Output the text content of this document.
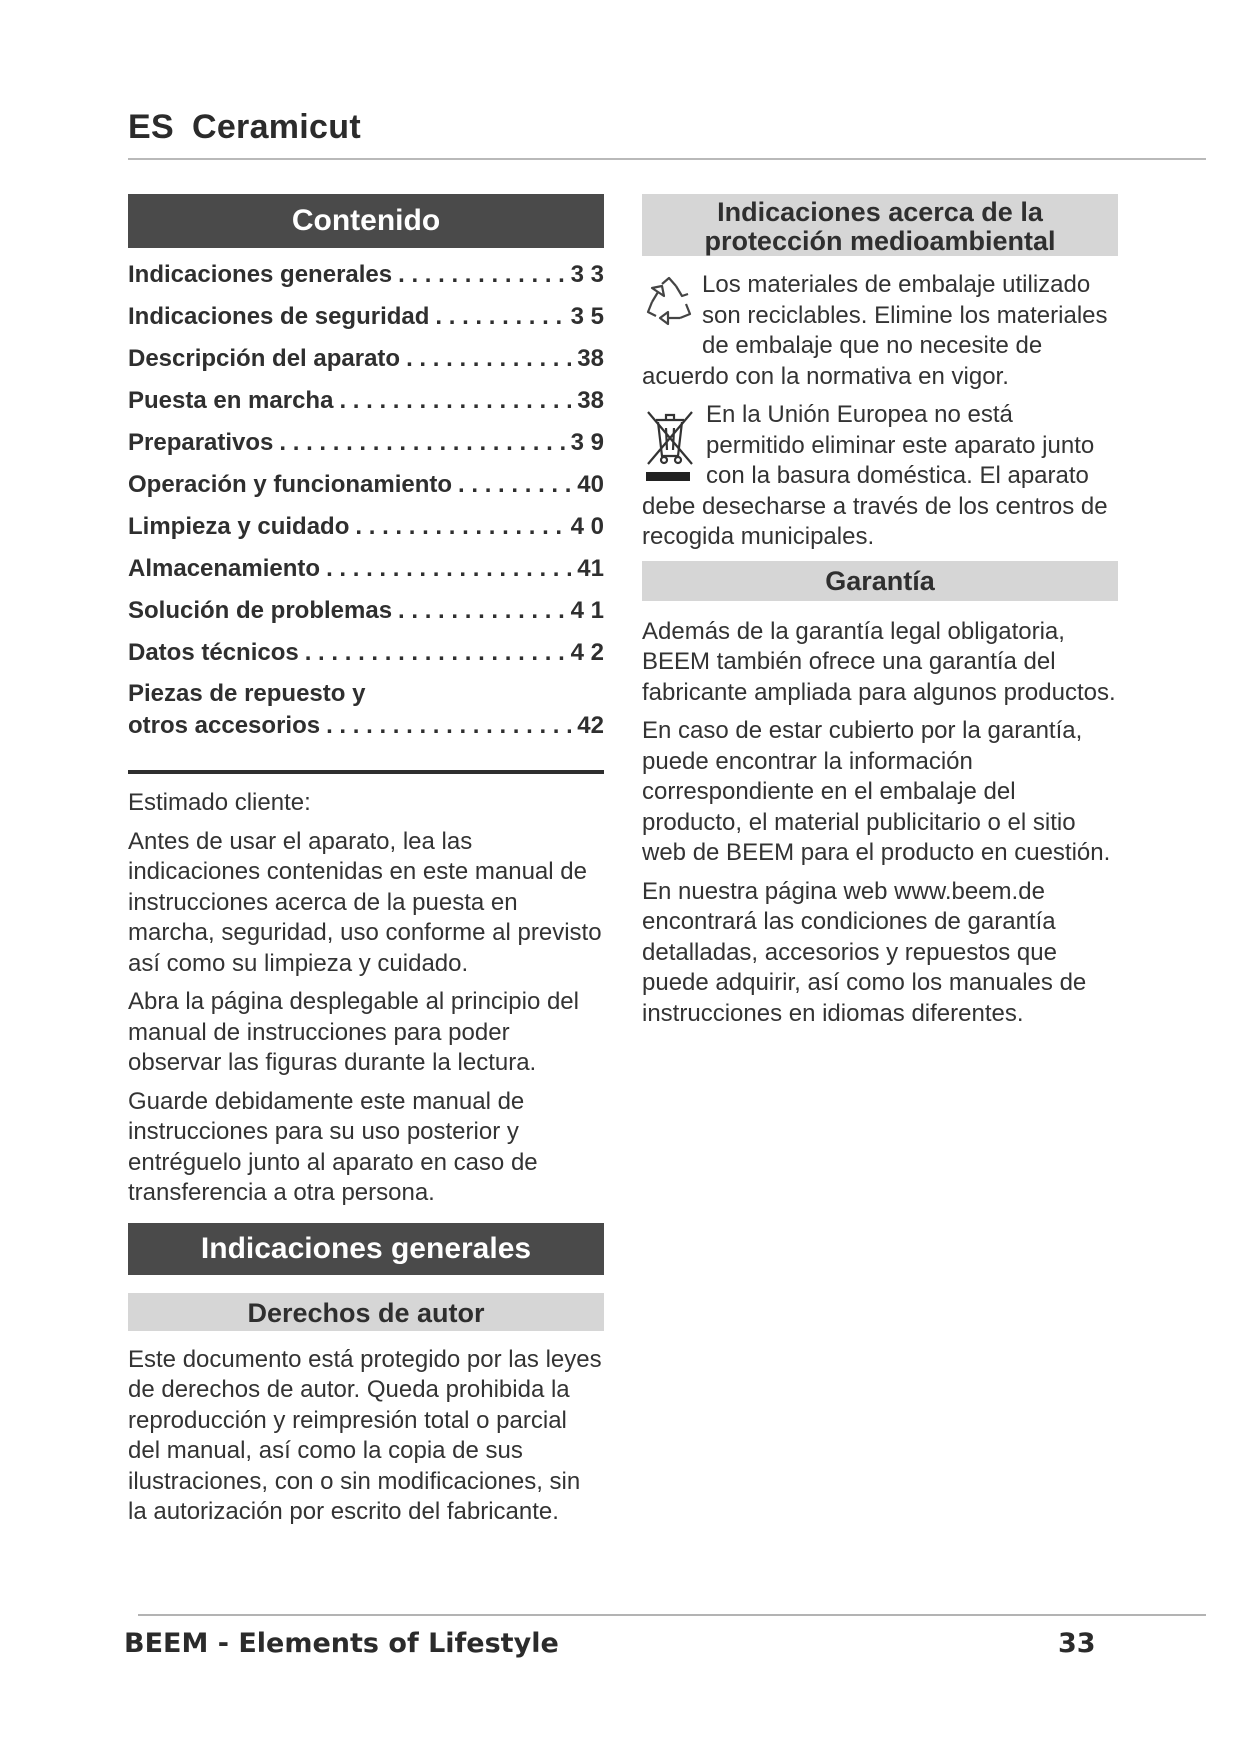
ES Ceramicut
Contenido
Indicaciones generales . . .	3 3
Indicaciones de seguridad . . .	3 5
Descripción del aparato . . .	38
Puesta en marcha . . .	38
Preparativos . . .	3 9
Operación y funcionamiento . . .	40
Limpieza y cuidado . . .	4 0
Almacenamiento . . .	41
Solución de problemas . . .	4 1
Datos técnicos . . .	4 2
Piezas de repuesto y
otros accesorios . . .	42

Estimado cliente:

Antes de usar el aparato, lea las indicaciones contenidas en este manual de instrucciones acerca de la puesta en marcha, seguridad, uso conforme al previsto así como su limpieza y cuidado.

Abra la página desplegable al principio del manual de instrucciones para poder observar las figuras durante la lectura.

Guarde debidamente este manual de instrucciones para su uso posterior y entréguelo junto al aparato en caso de transferencia a otra persona.

Indicaciones generales
Derechos de autor

Este documento está protegido por las leyes de derechos de autor. Queda prohibida la reproducción y reimpresión total o parcial del manual, así como la copia de sus ilustraciones, con o sin modificaciones, sin la autorización por escrito del fabricante.

Indicaciones acerca de la
protección medioambiental

Los materiales de embalaje utilizado son reciclables. Elimine los materiales de embalaje que no necesite de acuerdo con la normativa en vigor.

En la Unión Europea no está permitido eliminar este aparato junto con la basura doméstica. El aparato debe desecharse a través de los centros de recogida municipales.

Garantía

Además de la garantía legal obligatoria, BEEM también ofrece una garantía del fabricante ampliada para algunos productos.

En caso de estar cubierto por la garantía, puede encontrar la información correspondiente en el embalaje del producto, el material publicitario o el sitio web de BEEM para el producto en cuestión.

En nuestra página web www.beem.de encontrará las condiciones de garantía detalladas, accesorios y repuestos que puede adquirir, así como los manuales de instrucciones en idiomas diferentes.

BEEM - Elements of Lifestyle	33
